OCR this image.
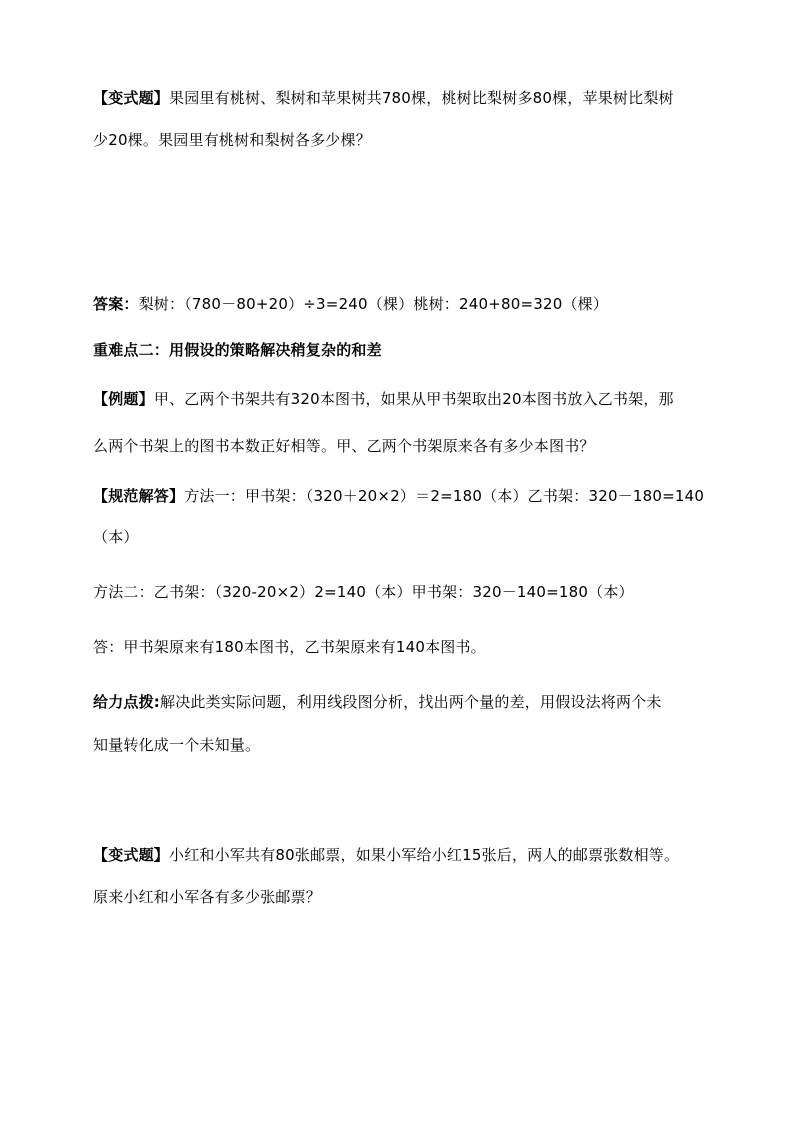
【变式题】果园里有桃树、梨树和苹果树共780棵，桃树比梨树多80棵，苹果树比梨树
少20棵。果园里有桃树和梨树各多少棵？
答案：梨树：（780－80+20）÷3=240（棵）桃树：240+80=320（棵）
重难点二：用假设的策略解决稍复杂的和差
【例题】甲、乙两个书架共有320本图书，如果从甲书架取出20本图书放入乙书架，那
么两个书架上的图书本数正好相等。甲、乙两个书架原来各有多少本图书？
【规范解答】方法一：甲书架：（320＋20×2）＝2=180（本）乙书架：320－180=140
（本）
方法二：乙书架：（320-20×2）2=140（本）甲书架：320－140=180（本）
答：甲书架原来有180本图书，乙书架原来有140本图书。
给力点拨:解决此类实际问题，利用线段图分析，找出两个量的差，用假设法将两个未
知量转化成一个未知量。
【变式题】小红和小军共有80张邮票，如果小军给小红15张后，两人的邮票张数相等。
原来小红和小军各有多少张邮票？
